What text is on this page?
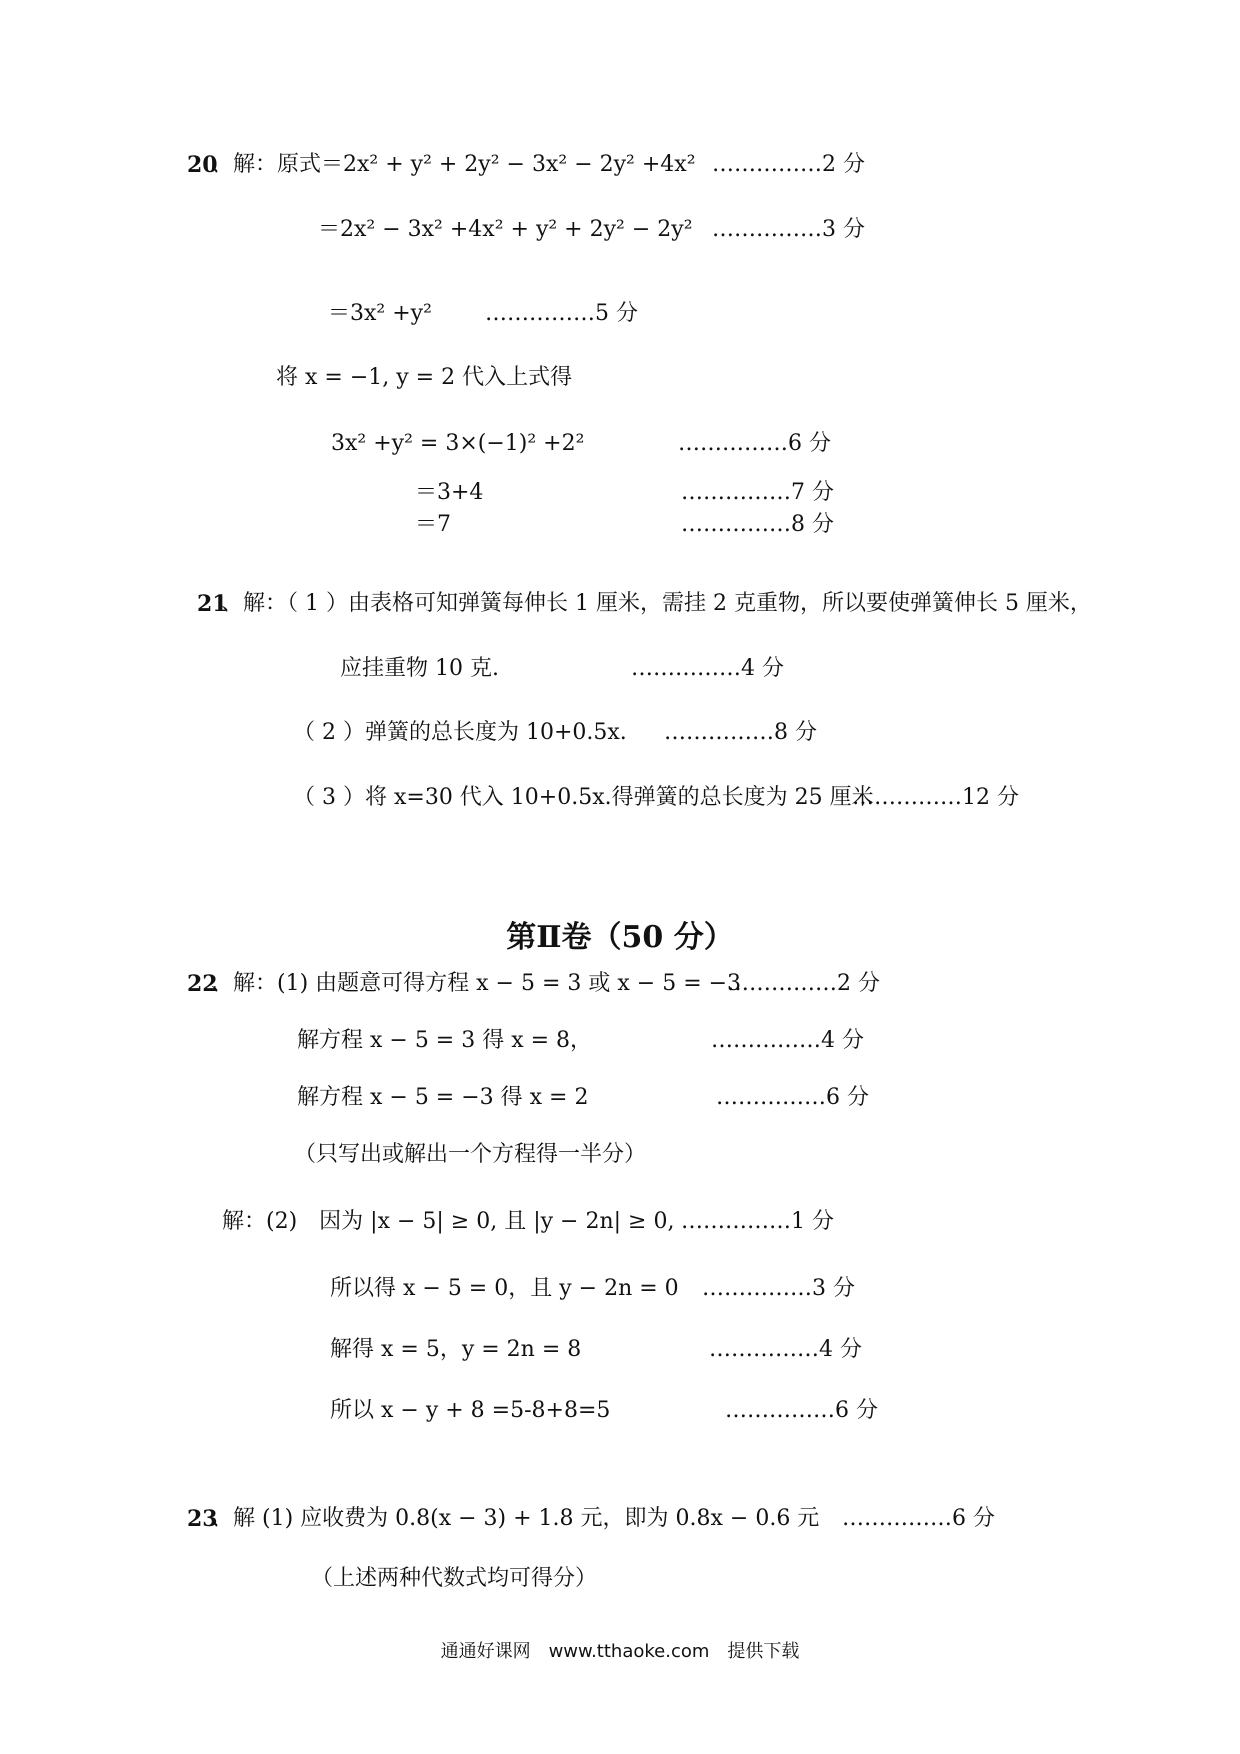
20
、解：原式＝2x² + y² + 2y² − 3x² − 2y² +4x² ……………2 分
＝2x² − 3x² +4x² + y² + 2y² − 2y² ……………3 分
＝3x² +y² ……………5 分
将 x = −1, y = 2 代入上式得
3x² +y² = 3×(−1)² +2²	……………6 分
＝3+4	……………7 分
＝7	……………8 分
21
、解：（ 1 ）由表格可知弹簧每伸长 1 厘米，需挂 2 克重物，所以要使弹簧伸长 5 厘米，
应挂重物 10 克.	……………4 分
（ 2 ）弹簧的总长度为 10+0.5x. ……………8 分
（ 3 ）将 x=30 代入 10+0.5x.得弹簧的总长度为 25 厘米
……………12 分
第Ⅱ卷（50 分）
22
、解：(1) 由题意可得方程 x − 5 = 3 或 x − 5 = −3
……………2 分
解方程 x − 5 = 3 得 x = 8，	……………4 分
解方程 x − 5 = −3 得 x = 2	……………6 分
（只写出或解出一个方程得一半分）
解：(2)　因为 |x − 5| ≥ 0, 且 |y − 2n| ≥ 0, ……………1 分
所以得 x − 5 = 0，且 y − 2n = 0 ……………3 分
解得 x = 5，y = 2n = 8	……………4 分
所以 x − y + 8 =5-8+8=5	……………6 分
23
、解 (1) 应收费为 0.8(x − 3) + 1.8 元，即为 0.8x − 0.6 元 ……………6 分
（上述两种代数式均可得分）
通通好课网　www.tthaoke.com　提供下载
